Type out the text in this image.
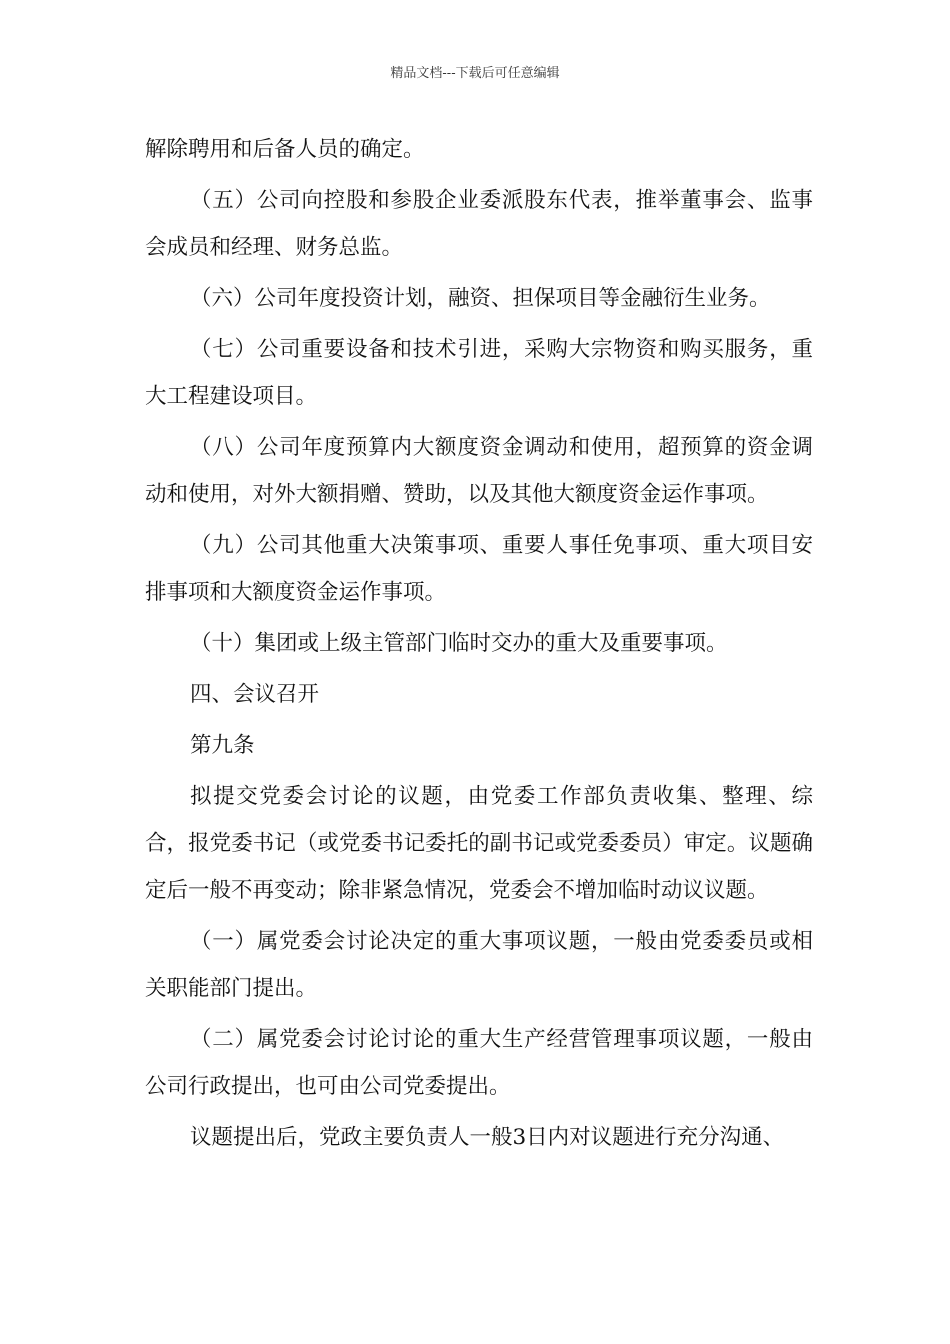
精品文档---下载后可任意编辑

解除聘用和后备人员的确定。

（五）公司向控股和参股企业委派股东代表，推举董事会、监事会成员和经理、财务总监。

（六）公司年度投资计划，融资、担保项目等金融衍生业务。

（七）公司重要设备和技术引进，采购大宗物资和购买服务，重大工程建设项目。

（八）公司年度预算内大额度资金调动和使用，超预算的资金调动和使用，对外大额捐赠、赞助，以及其他大额度资金运作事项。

（九）公司其他重大决策事项、重要人事任免事项、重大项目安排事项和大额度资金运作事项。

（十）集团或上级主管部门临时交办的重大及重要事项。

四、会议召开

第九条

拟提交党委会讨论的议题，由党委工作部负责收集、整理、综合，报党委书记（或党委书记委托的副书记或党委委员）审定。议题确定后一般不再变动；除非紧急情况，党委会不增加临时动议议题。

（一）属党委会讨论决定的重大事项议题，一般由党委委员或相关职能部门提出。

（二）属党委会讨论讨论的重大生产经营管理事项议题，一般由公司行政提出，也可由公司党委提出。

议题提出后，党政主要负责人一般3日内对议题进行充分沟通、
